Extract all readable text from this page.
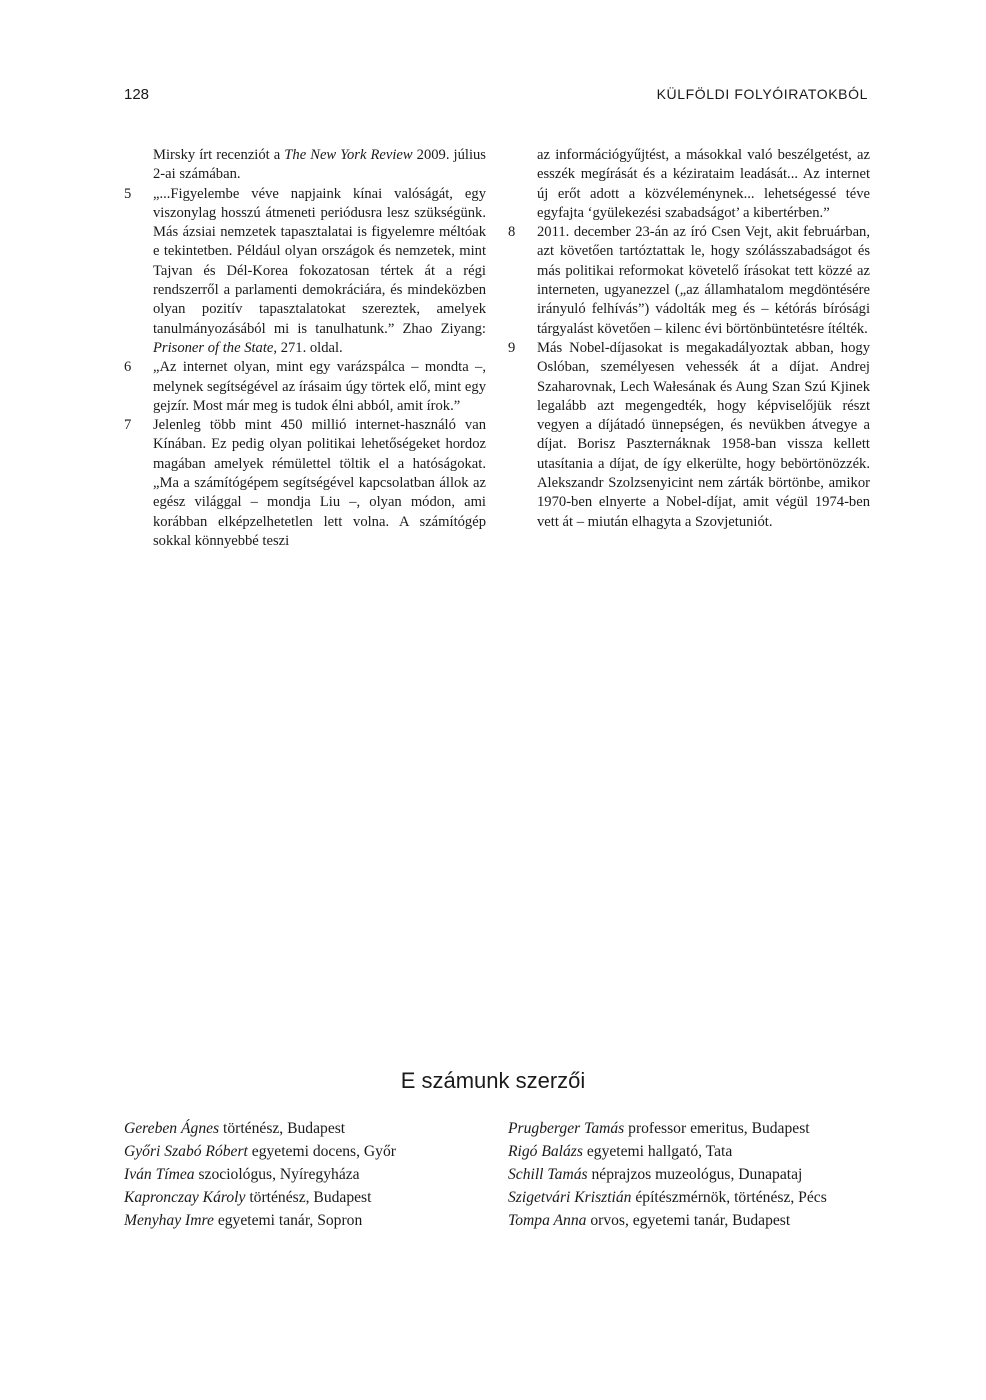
128	KÜLFÖLDI FOLYÓIRATOKBÓL
Mirsky írt recenziót a The New York Review 2009. július 2-ai számában.
5 „...Figyelembe véve napjaink kínai valóságát, egy viszonylag hosszú átmeneti periódusra lesz szükségünk. Más ázsiai nemzetek tapasztalatai is figyelemre méltóak e tekintetben. Például olyan országok és nemzetek, mint Tajvan és Dél-Korea fokozatosan tértek át a régi rendszerről a parlamenti demokráciára, és mindeközben olyan pozitív tapasztalatokat szereztek, amelyek tanulmányozásából mi is tanulhatunk.” Zhao Ziyang: Prisoner of the State, 271. oldal.
6 „Az internet olyan, mint egy varázspálca – mondta –, melynek segítségével az írásaim úgy törtek elő, mint egy gejzír. Most már meg is tudok élni abból, amit írok.”
7 Jelenleg több mint 450 millió internet-használó van Kínában. Ez pedig olyan politikai lehetőségeket hordoz magában amelyek rémülettel töltik el a hatóságokat. „Ma a számítógépem segítségével kapcsolatban állok az egész világgal – mondja Liu –, olyan módon, ami korábban elképzelhetetlen lett volna. A számítógép sokkal könnyebbé teszi
az információgyűjtést, a másokkal való beszélgetést, az esszék megírását és a kézirataim leadását... Az internet új erőt adott a közvéleménynek... lehetségessé téve egyfajta ‘gyülekezési szabadságot’ a kibertérben.”
8 2011. december 23-án az író Csen Vejt, akit februárban, azt követően tartóztattak le, hogy szólásszabadságot és más politikai reformokat követelő írásokat tett közzé az interneten, ugyanezzel („az államhatalom megdöntésére irányuló felhívás”) vádolták meg és – kétórás bírósági tárgyalást követően – kilenc évi börtönbüntetésre ítélték.
9 Más Nobel-díjasokat is megakadályoztak abban, hogy Oslóban, személyesen vehessék át a díjat. Andrej Szaharovnak, Lech Wałesának és Aung Szan Szú Kjinek legalább azt megengedték, hogy képviselőjük részt vegyen a díjátadó ünnepségen, és nevükben átvegye a díjat. Borisz Paszternáknak 1958-ban vissza kellett utasítania a díjat, de így elkerülte, hogy bebörtönözzék. Alekszandr Szolzsenyicint nem zárták börtönbe, amikor 1970-ben elnyerte a Nobel-díjat, amit végül 1974-ben vett át – miután elhagyta a Szovjetuniót.
E számunk szerzői
Gereben Ágnes történész, Budapest
Győri Szabó Róbert egyetemi docens, Győr
Iván Tímea szociológus, Nyíregyháza
Kapronczay Károly történész, Budapest
Menyhay Imre egyetemi tanár, Sopron
Prugberger Tamás professor emeritus, Budapest
Rigó Balázs egyetemi hallgató, Tata
Schill Tamás néprajzos muzeológus, Dunapataj
Szigetvári Krisztián építészmérnök, történész, Pécs
Tompa Anna orvos, egyetemi tanár, Budapest
